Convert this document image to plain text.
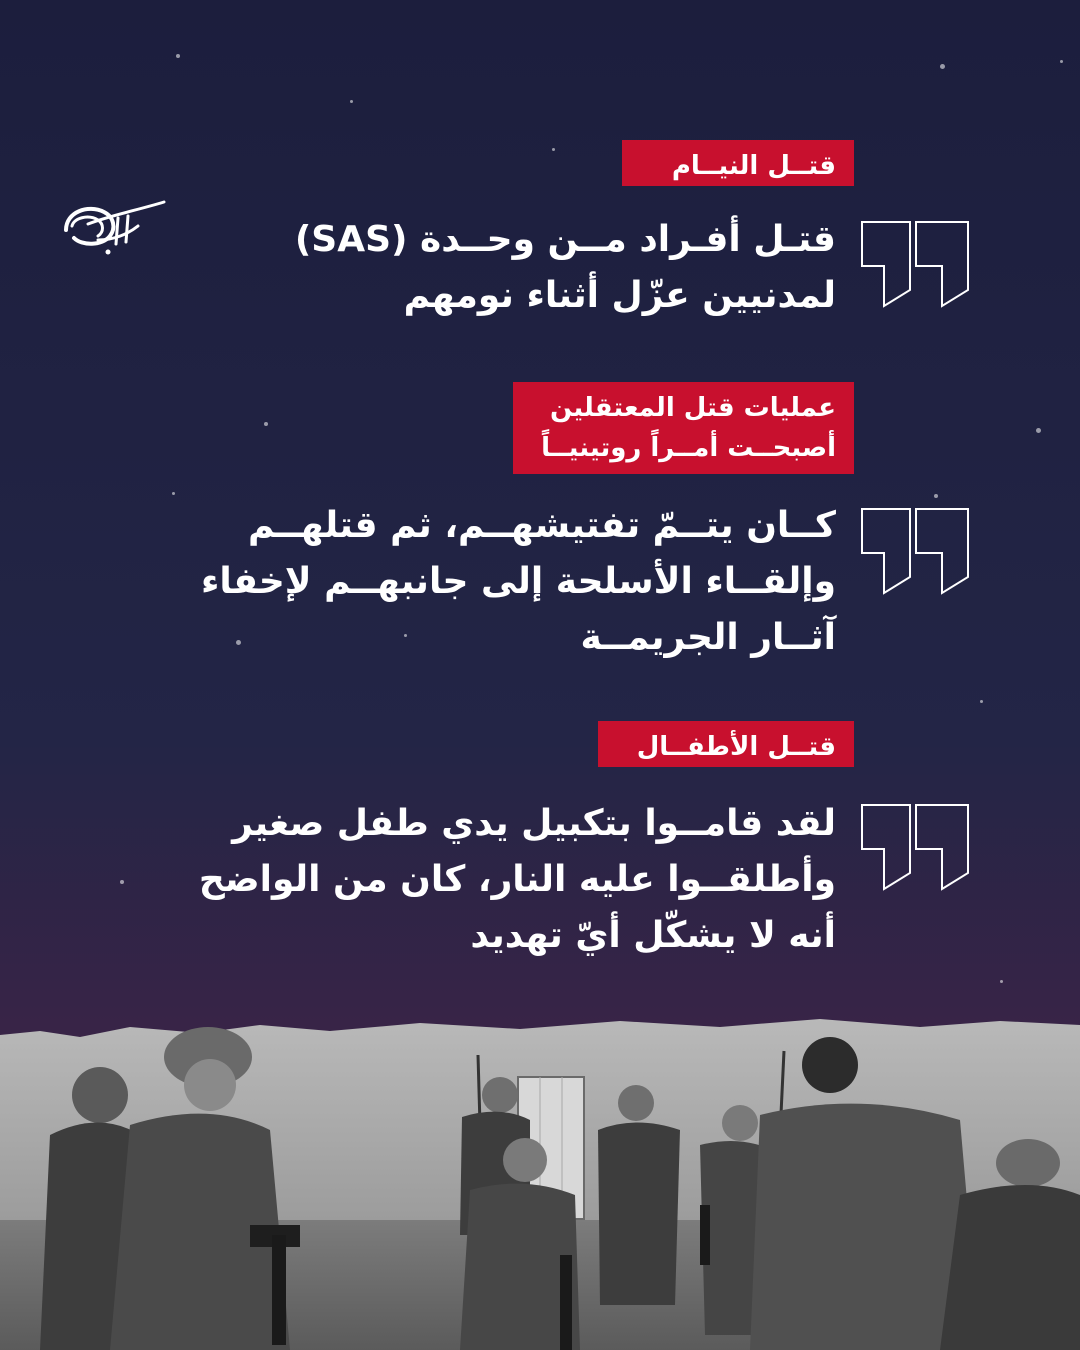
قتــل النيــام
قتـل أفـراد مــن وحــدة (SAS)
لمدنيين عزّل أثناء نومهم
عمليات قتل المعتقلين
أصبحــت أمــراً روتينيــاً
كــان يتــمّ تفتيشهــم، ثم قتلهــم
وإلقــاء الأسلحة إلى جانبهــم لإخفاء
آثــار الجريمــة
قتــل الأطفــال
لقد قامــوا بتكبيل يدي طفل صغير
وأطلقــوا عليه النار، كان من الواضح
أنه لا يشكّل أيّ تهديد
